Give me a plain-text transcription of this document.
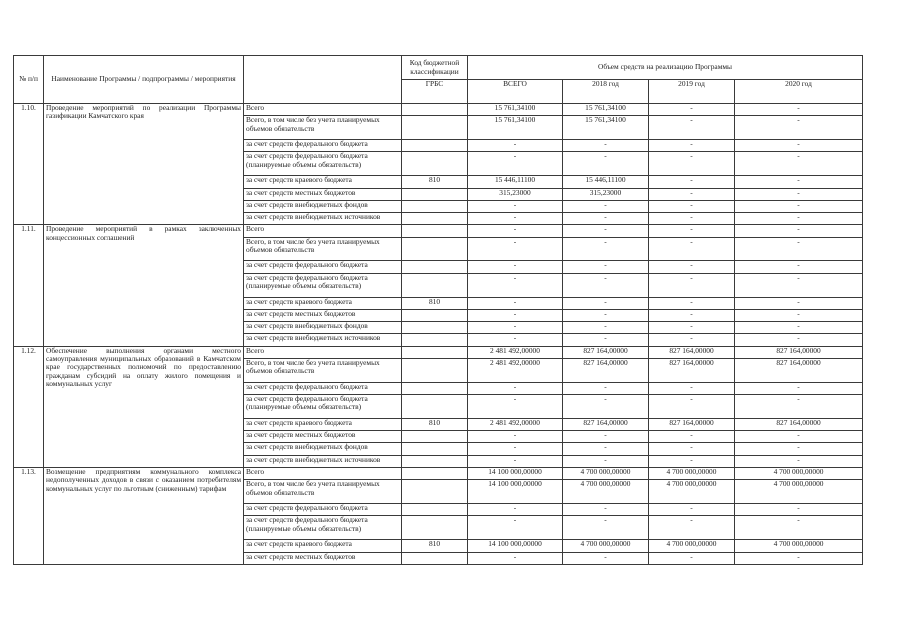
№ п/п	Наименование Программы / подпрограммы / мероприятия		Код бюджетной классификации	Объем средств на реализацию Программы			
			ГРБС	ВСЕГО	2018 год	2019 год	2020 год
1.10.	Проведение мероприятий по реализации Программы газификации Камчатского края	Всего		15 761,34100	15 761,34100	-	-
		Всего, в том числе без учета планируемых объемов обязательств		15 761,34100	15 761,34100	-	-
		за счет средств федерального бюджета		-	-	-	-
		за счет средств федерального бюджета (планируемые объемы обязательств)		-	-	-	-
		за счет средств краевого бюджета	810	15 446,11100	15 446,11100	-	-
		за счет средств местных бюджетов		315,23000	315,23000	-	-
		за счет средств внебюджетных фондов		-	-	-	-
		за счет средств внебюджетных источников		-	-	-	-
1.11.	Проведение мероприятий в рамках заключенных концессионных соглашений	Всего		-	-	-	-
		Всего, в том числе без учета планируемых объемов обязательств		-	-	-	-
		за счет средств федерального бюджета		-	-	-	-
		за счет средств федерального бюджета (планируемые объемы обязательств)		-	-	-	-
		за счет средств краевого бюджета	810	-	-	-	-
		за счет средств местных бюджетов		-	-	-	-
		за счет средств внебюджетных фондов		-	-	-	-
		за счет средств внебюджетных источников		-	-	-	-
1.12.	Обеспечение выполнения органами местного самоуправления муниципальных образований в Камчатском крае государственных полномочий по предоставлению гражданам субсидий на оплату жилого помещения и коммунальных услуг	Всего		2 481 492,00000	827 164,00000	827 164,00000	827 164,00000
		Всего, в том числе без учета планируемых объемов обязательств		2 481 492,00000	827 164,00000	827 164,00000	827 164,00000
		за счет средств федерального бюджета		-	-	-	-
		за счет средств федерального бюджета (планируемые объемы обязательств)		-	-	-	-
		за счет средств краевого бюджета	810	2 481 492,00000	827 164,00000	827 164,00000	827 164,00000
		за счет средств местных бюджетов		-	-	-	-
		за счет средств внебюджетных фондов		-	-	-	-
		за счет средств внебюджетных источников		-	-	-	-
1.13.	Возмещение предприятиям коммунального комплекса недополученных доходов в связи с оказанием потребителям коммунальных услуг по льготным (сниженным) тарифам	Всего		14 100 000,00000	4 700 000,00000	4 700 000,00000	4 700 000,00000
		Всего, в том числе без учета планируемых объемов обязательств		14 100 000,00000	4 700 000,00000	4 700 000,00000	4 700 000,00000
		за счет средств федерального бюджета		-	-	-	-
		за счет средств федерального бюджета (планируемые объемы обязательств)		-	-	-	-
		за счет средств краевого бюджета	810	14 100 000,00000	4 700 000,00000	4 700 000,00000	4 700 000,00000
		за счет средств местных бюджетов		-	-	-	-
